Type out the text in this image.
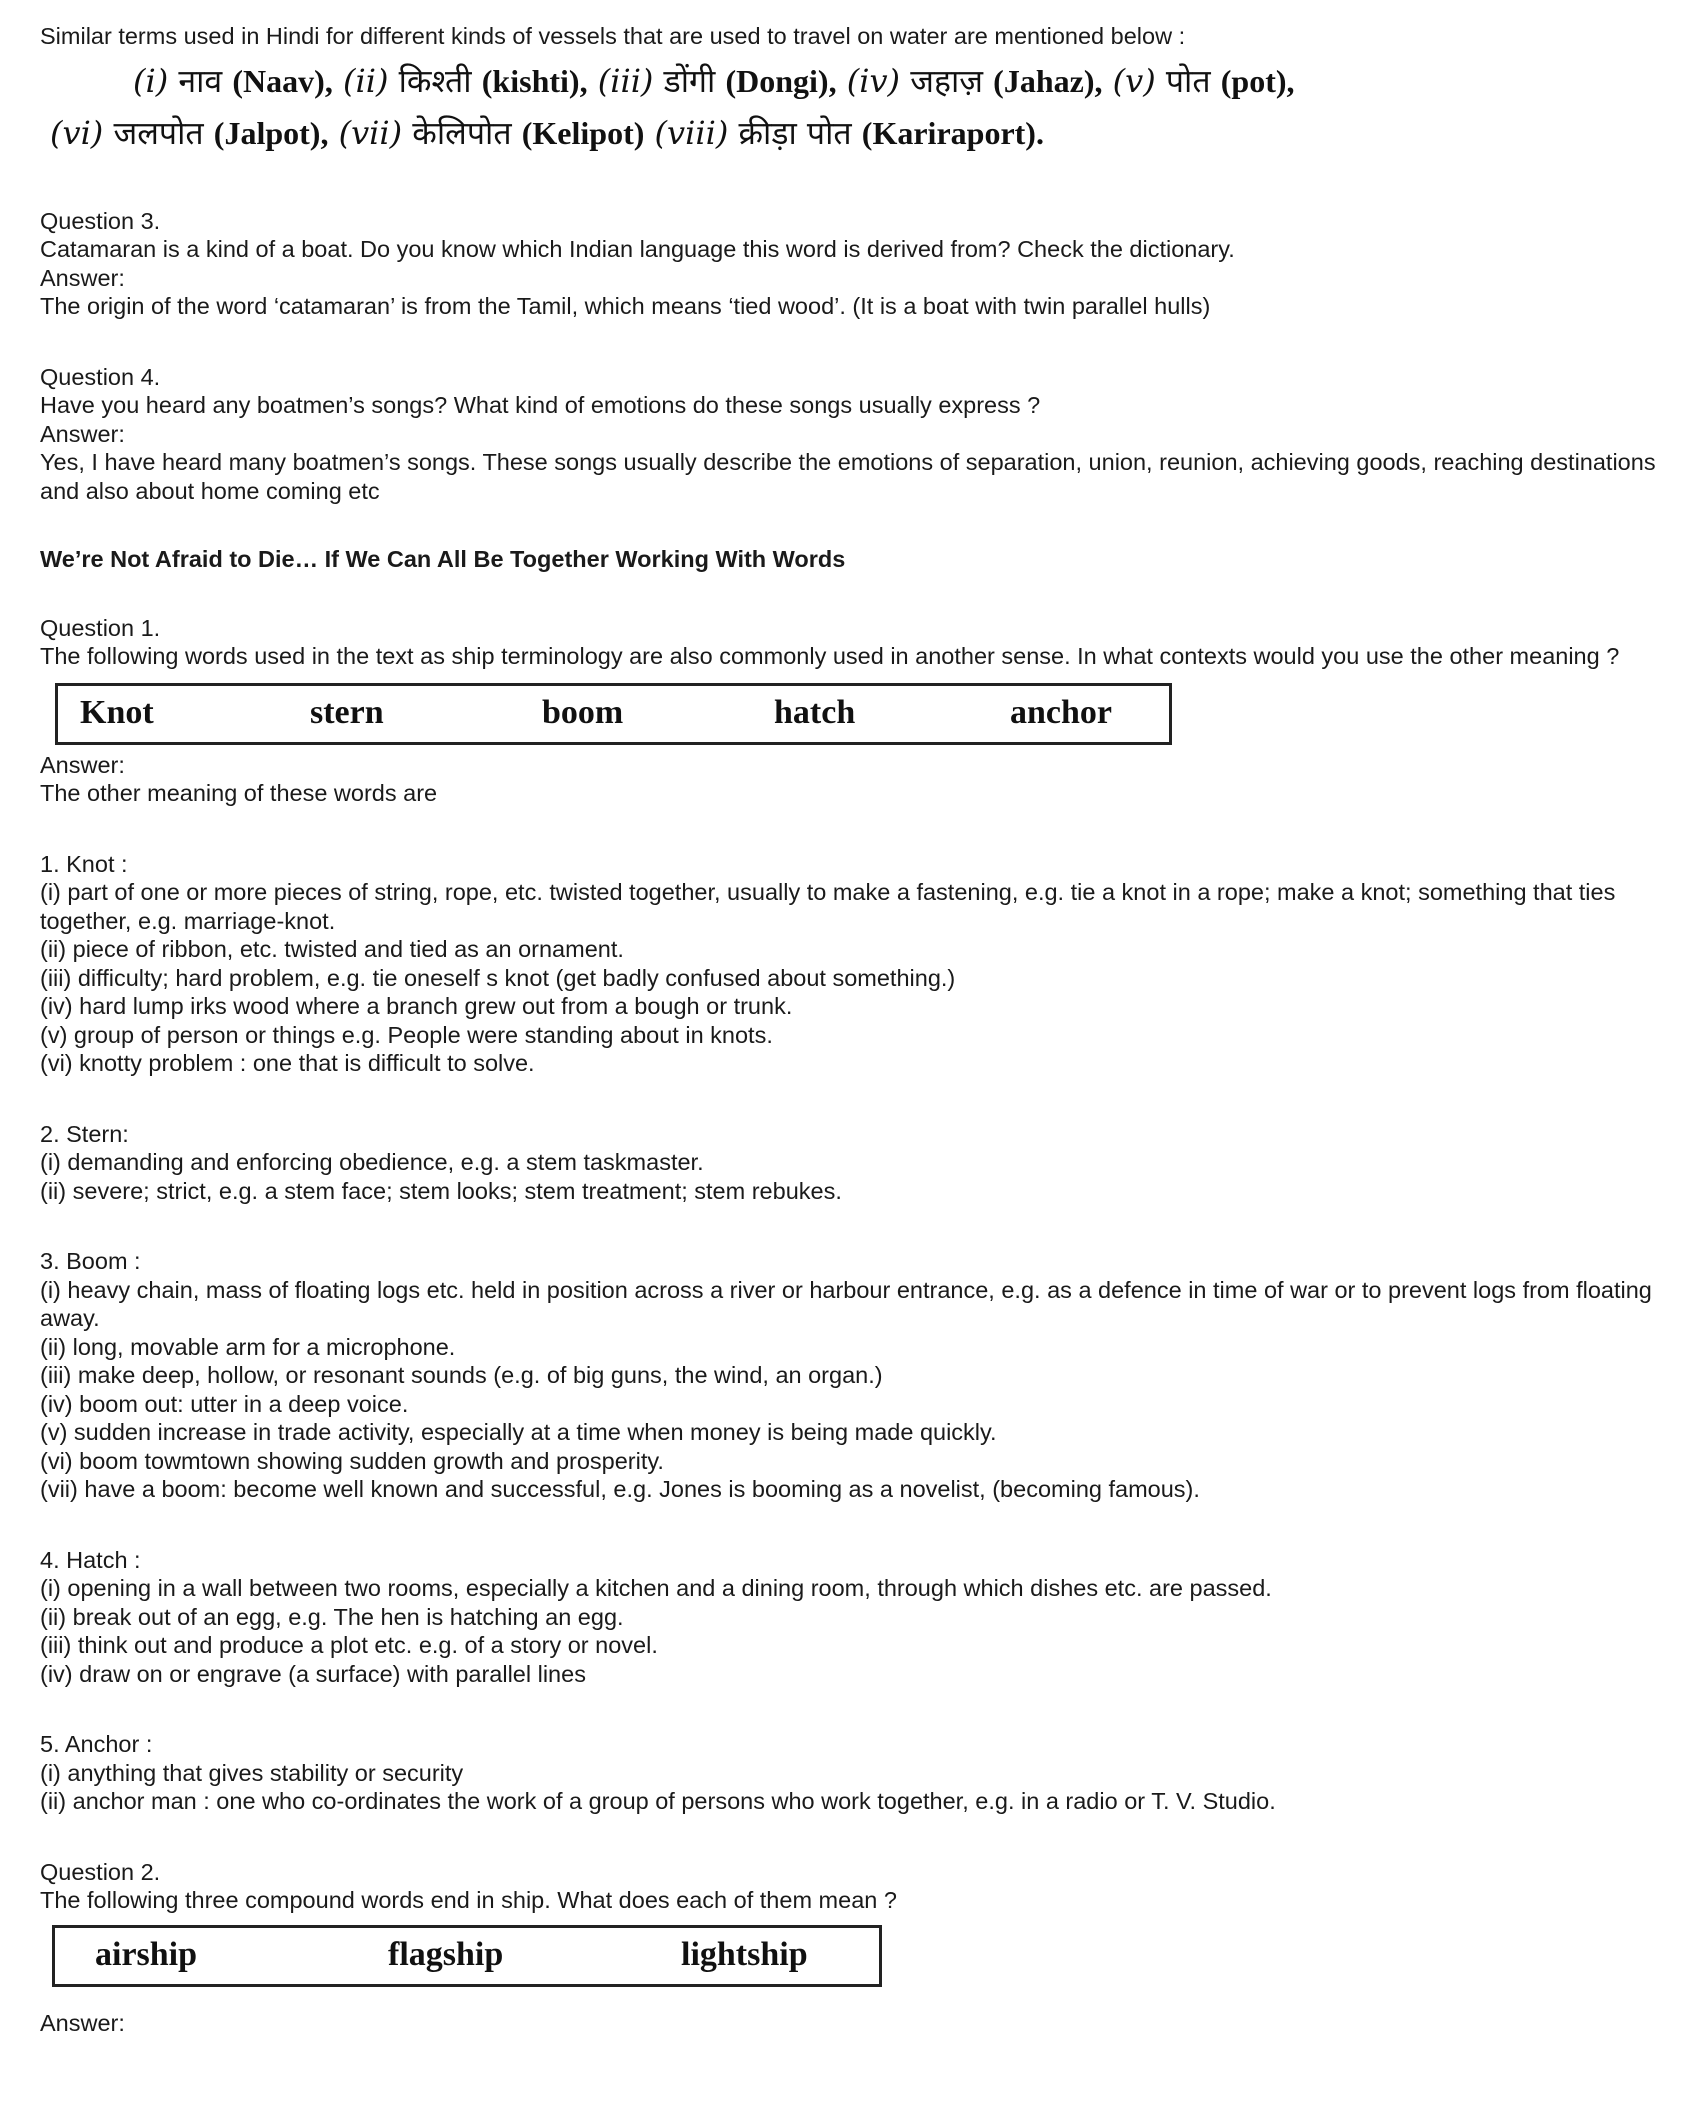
Similar terms used in Hindi for different kinds of vessels that are used to travel on water are mentioned below :
(i) नाव (Naav), (ii) किश्ती (kishti), (iii) डोंगी (Dongi), (iv) जहाज़ (Jahaz), (v) पोत (pot),
(vi) जलपोत (Jalpot), (vii) केलिपोत (Kelipot) (viii) क्रीड़ा पोत (Kariraport).
Question 3.
Catamaran is a kind of a boat. Do you know which Indian language this word is derived from? Check the dictionary.
Answer:
The origin of the word ‘catamaran’ is from the Tamil, which means ‘tied wood’. (It is a boat with twin parallel hulls)
Question 4.
Have you heard any boatmen’s songs? What kind of emotions do these songs usually express ?
Answer:
Yes, I have heard many boatmen’s songs. These songs usually describe the emotions of separation, union, reunion, achieving goods, reaching destinations and also about home coming etc
We’re Not Afraid to Die… If We Can All Be Together Working With Words
Question 1.
The following words used in the text as ship terminology are also commonly used in another sense. In what contexts would you use the other meaning ?
Knot	stern	boom	hatch	anchor
Answer:
The other meaning of these words are
1. Knot :
(i) part of one or more pieces of string, rope, etc. twisted together, usually to make a fastening, e.g. tie a knot in a rope; make a knot; something that ties together, e.g. marriage-knot.
(ii) piece of ribbon, etc. twisted and tied as an ornament.
(iii) difficulty; hard problem, e.g. tie oneself s knot (get badly confused about something.)
(iv) hard lump irks wood where a branch grew out from a bough or trunk.
(v) group of person or things e.g. People were standing about in knots.
(vi) knotty problem : one that is difficult to solve.
2. Stern:
(i) demanding and enforcing obedience, e.g. a stem taskmaster.
(ii) severe; strict, e.g. a stem face; stem looks; stem treatment; stem rebukes.
3. Boom :
(i) heavy chain, mass of floating logs etc. held in position across a river or harbour entrance, e.g. as a defence in time of war or to prevent logs from floating away.
(ii) long, movable arm for a microphone.
(iii) make deep, hollow, or resonant sounds (e.g. of big guns, the wind, an organ.)
(iv) boom out: utter in a deep voice.
(v) sudden increase in trade activity, especially at a time when money is being made quickly.
(vi) boom towmtown showing sudden growth and prosperity.
(vii) have a boom: become well known and successful, e.g. Jones is booming as a novelist, (becoming famous).
4. Hatch :
(i) opening in a wall between two rooms, especially a kitchen and a dining room, through which dishes etc. are passed.
(ii) break out of an egg, e.g. The hen is hatching an egg.
(iii) think out and produce a plot etc. e.g. of a story or novel.
(iv) draw on or engrave (a surface) with parallel lines
5. Anchor :
(i) anything that gives stability or security
(ii) anchor man : one who co-ordinates the work of a group of persons who work together, e.g. in a radio or T. V. Studio.
Question 2.
The following three compound words end in ship. What does each of them mean ?
airship	flagship	lightship
Answer:
